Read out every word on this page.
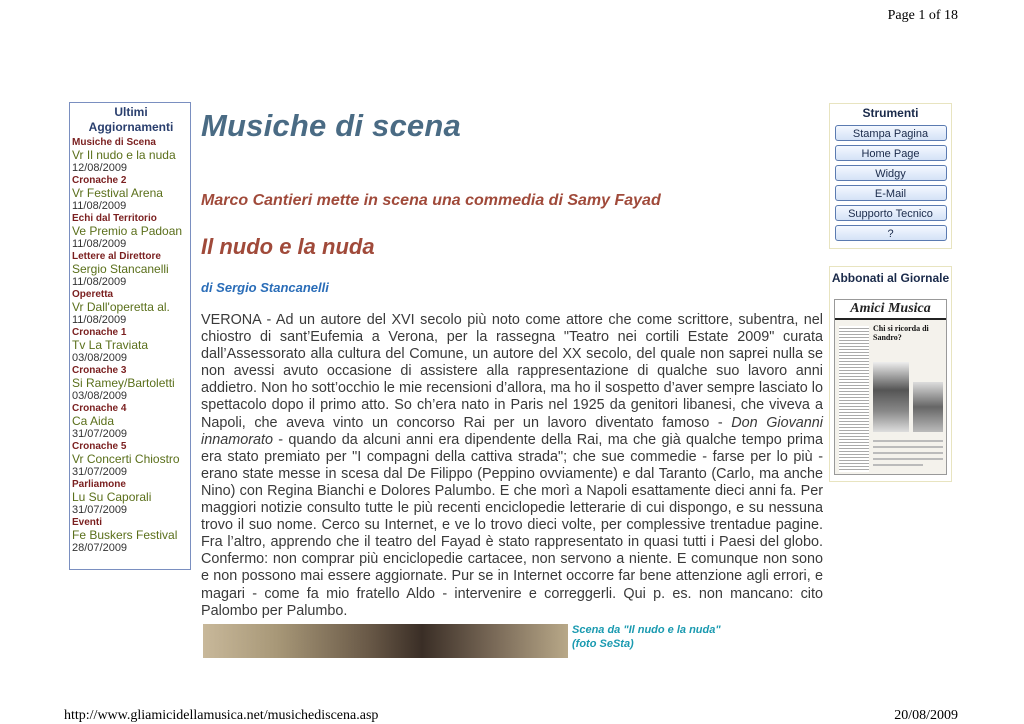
Page 1 of 18
Ultimi Aggiornamenti
Musiche di Scena
Vr Il nudo e la nuda
12/08/2009
Cronache 2
Vr Festival Arena
11/08/2009
Echi dal Territorio
Ve Premio a Padoan
11/08/2009
Lettere al Direttore
Sergio Stancanelli
11/08/2009
Operetta
Vr Dall'operetta al.
11/08/2009
Cronache 1
Tv La Traviata
03/08/2009
Cronache 3
Si Ramey/Bartoletti
03/08/2009
Cronache 4
Ca Aida
31/07/2009
Cronache 5
Vr Concerti Chiostro
31/07/2009
Parliamone
Lu Su Caporali
31/07/2009
Eventi
Fe Buskers Festival
28/07/2009
Musiche di scena
Marco Cantieri mette in scena una commedia di Samy Fayad
Il nudo e la nuda
di Sergio Stancanelli
VERONA - Ad un autore del XVI secolo più noto come attore che come scrittore, subentra, nel chiostro di sant’Eufemia a Verona, per la rassegna "Teatro nei cortili Estate 2009" curata dall’Assessorato alla cultura del Comune, un autore del XX secolo, del quale non saprei nulla se non avessi avuto occasione di assistere alla rappresentazione di qualche suo lavoro anni addietro. Non ho sott’occhio le mie recensioni d’allora, ma ho il sospetto d’aver sempre lasciato lo spettacolo dopo il primo atto. So ch’era nato in Paris nel 1925 da genitori libanesi, che viveva a Napoli, che aveva vinto un concorso Rai per un lavoro diventato famoso - Don Giovanni innamorato - quando da alcuni anni era dipendente della Rai, ma che già qualche tempo prima era stato premiato per "I compagni della cattiva strada"; che sue commedie - farse per lo più - erano state messe in scesa dal De Filippo (Peppino ovviamente) e dal Taranto (Carlo, ma anche Nino) con Regina Bianchi e Dolores Palumbo. E che morì a Napoli esattamente dieci anni fa. Per maggiori notizie consulto tutte le più recenti enciclopedie letterarie di cui dispongo, e su nessuna trovo il suo nome. Cerco su Internet, e ve lo trovo dieci volte, per complessive trentadue pagine. Fra l’altro, apprendo che il teatro del Fayad è stato rappresentato in quasi tutti i Paesi del globo. Confermo: non comprar più enciclopedie cartacee, non servono a niente. E comunque non sono e non possono mai essere aggiornate. Pur se in Internet occorre far bene attenzione agli errori, e magari - come fa mio fratello Aldo - intervenire e correggerli. Qui p. es. non mancano: cito Palombo per Palumbo.
Scena da "Il nudo e la nuda"
(foto SeSta)
Strumenti
Stampa Pagina
Home Page
Widgy
E-Mail
Supporto Tecnico
?
Abbonati al Giornale
Amici Musica
Chi si ricorda di Sandro?
http://www.gliamicidellamusica.net/musichediscena.asp	20/08/2009
